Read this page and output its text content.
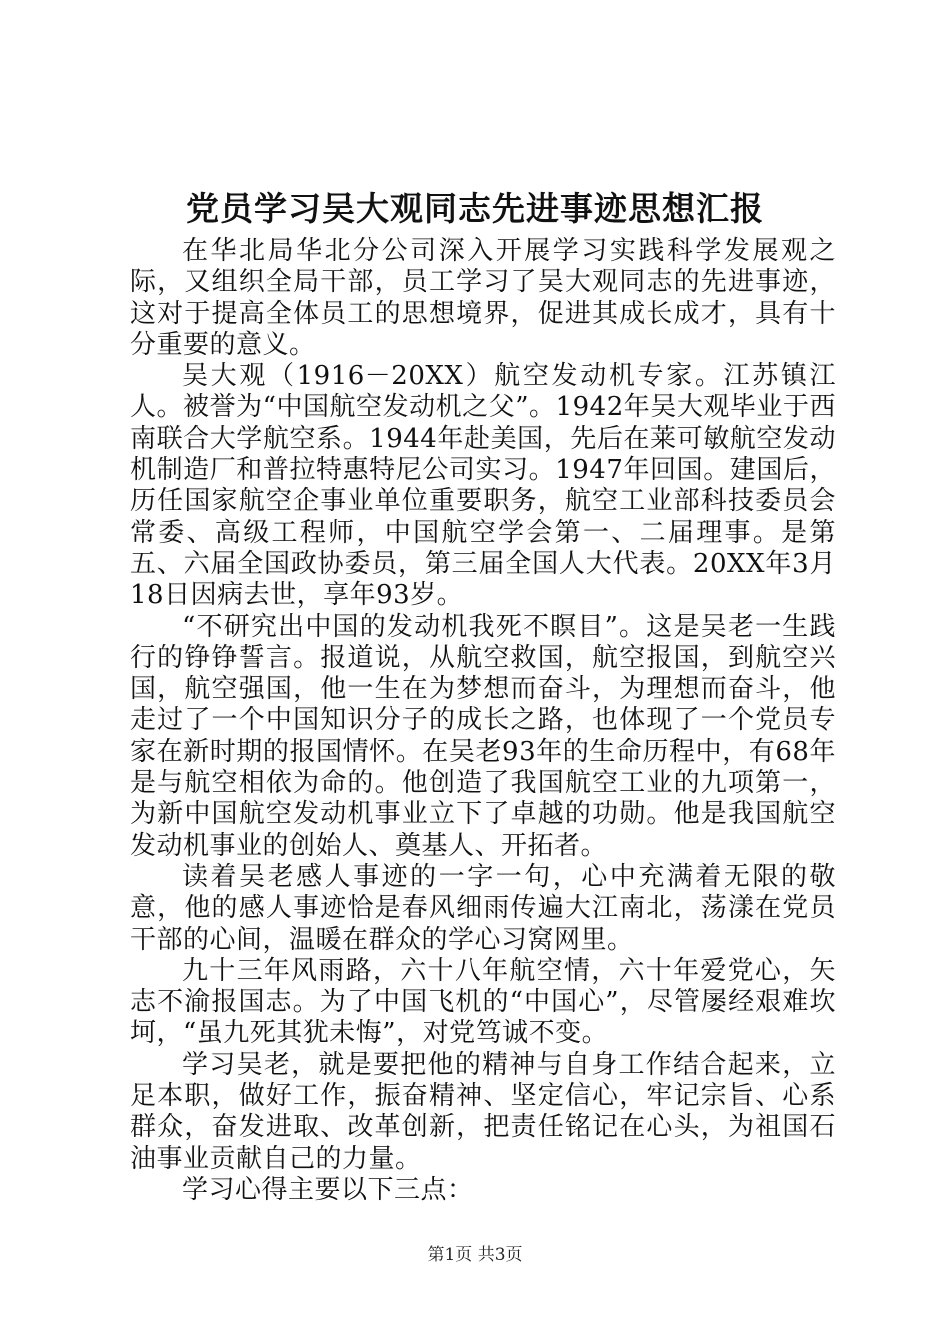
党员学习吴大观同志先进事迹思想汇报

在华北局华北分公司深入开展学习实践科学发展观之际，又组织全局干部，员工学习了吴大观同志的先进事迹，这对于提高全体员工的思想境界，促进其成长成才，具有十分重要的意义。

吴大观（1916－20XX）航空发动机专家。江苏镇江人。被誉为“中国航空发动机之父”。1942年吴大观毕业于西南联合大学航空系。1944年赴美国，先后在莱可敏航空发动机制造厂和普拉特惠特尼公司实习。1947年回国。建国后，历任国家航空企事业单位重要职务，航空工业部科技委员会常委、高级工程师，中国航空学会第一、二届理事。是第五、六届全国政协委员，第三届全国人大代表。20XX年3月18日因病去世，享年93岁。

“不研究出中国的发动机我死不瞑目”。这是吴老一生践行的铮铮誓言。报道说，从航空救国，航空报国，到航空兴国，航空强国，他一生在为梦想而奋斗，为理想而奋斗，他走过了一个中国知识分子的成长之路，也体现了一个党员专家在新时期的报国情怀。在吴老93年的生命历程中，有68年是与航空相依为命的。他创造了我国航空工业的九项第一，为新中国航空发动机事业立下了卓越的功勋。他是我国航空发动机事业的创始人、奠基人、开拓者。

读着吴老感人事迹的一字一句，心中充满着无限的敬意，他的感人事迹恰是春风细雨传遍大江南北，荡漾在党员干部的心间，温暖在群众的学心习窝网里。

九十三年风雨路，六十八年航空情，六十年爱党心，矢志不渝报国志。为了中国飞机的“中国心”，尽管屡经艰难坎坷，“虽九死其犹未悔”，对党笃诚不变。

学习吴老，就是要把他的精神与自身工作结合起来，立足本职，做好工作，振奋精神、坚定信心，牢记宗旨、心系群众，奋发进取、改革创新，把责任铭记在心头，为祖国石油事业贡献自己的力量。

学习心得主要以下三点：

第1页 共3页
